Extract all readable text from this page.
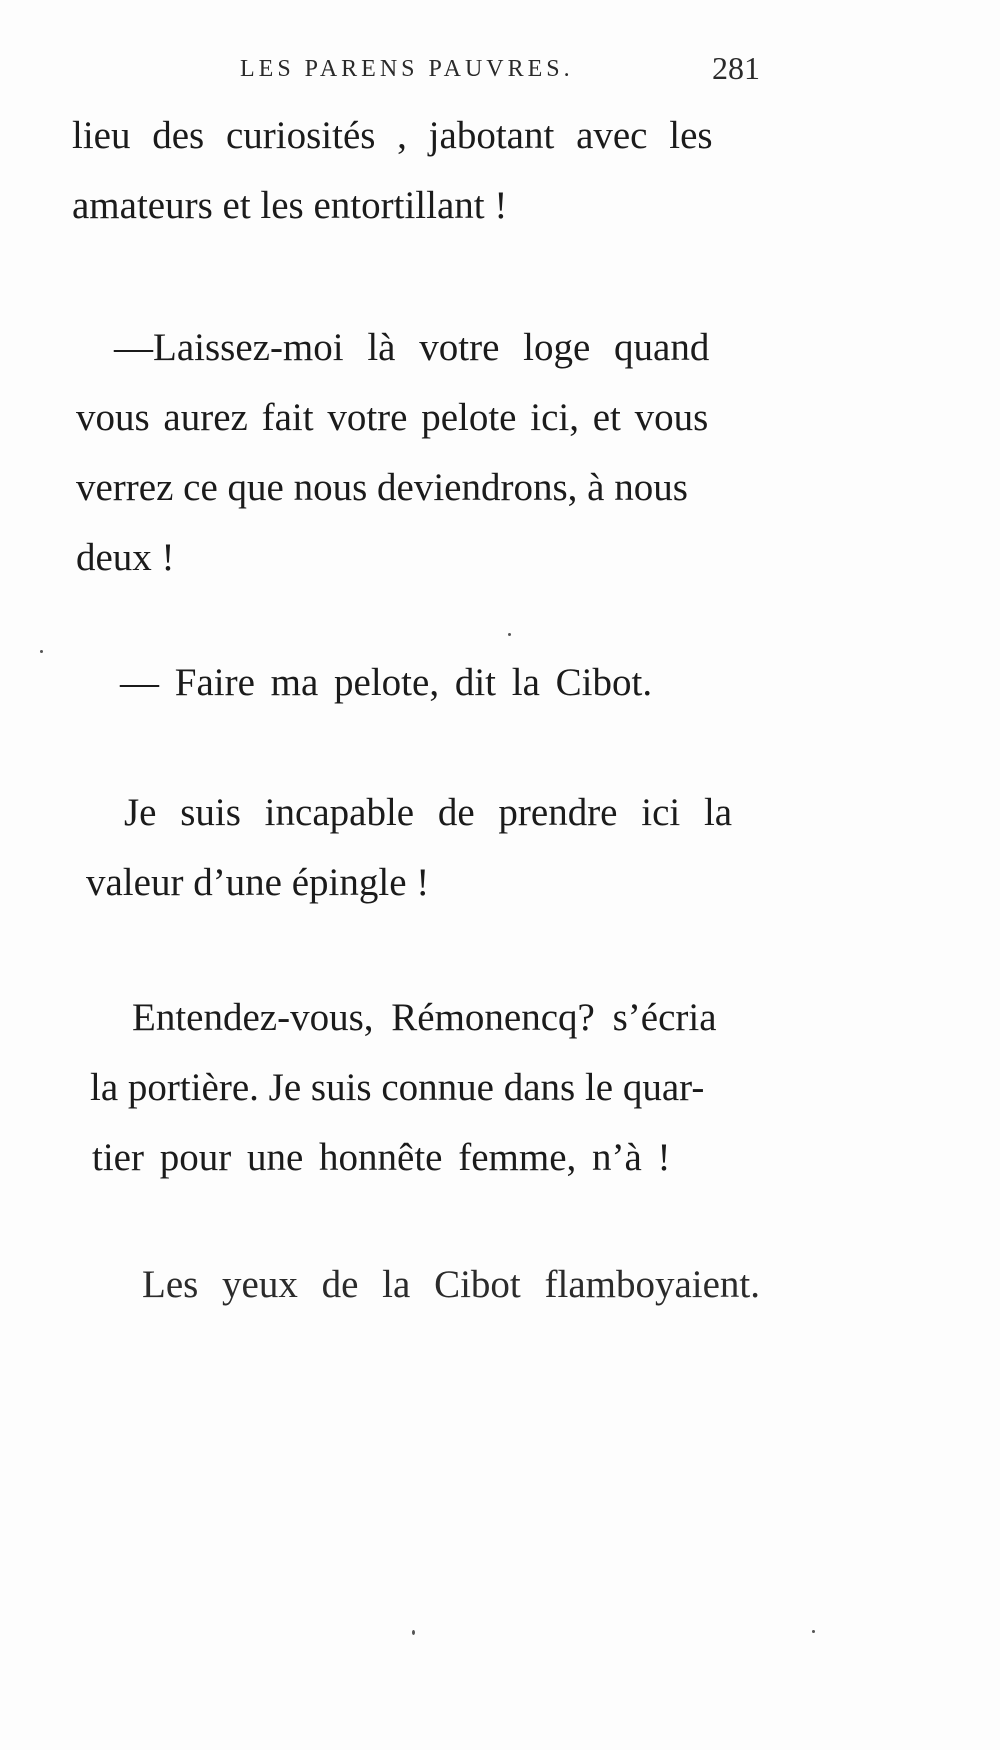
LES PARENS PAUVRES.	281
lieu des curiosités , jabotant avec les
amateurs et les entortillant !
—Laissez-moi là votre loge quand
vous aurez fait votre pelote ici, et vous
verrez ce que nous deviendrons, à nous
deux !
— Faire ma pelote, dit la Cibot.
Je suis incapable de prendre ici la
valeur d’une épingle !
Entendez-vous, Rémonencq? s’écria
la portière. Je suis connue dans le quar-
tier pour une honnête femme, n’à !
Les yeux de la Cibot flamboyaient.
